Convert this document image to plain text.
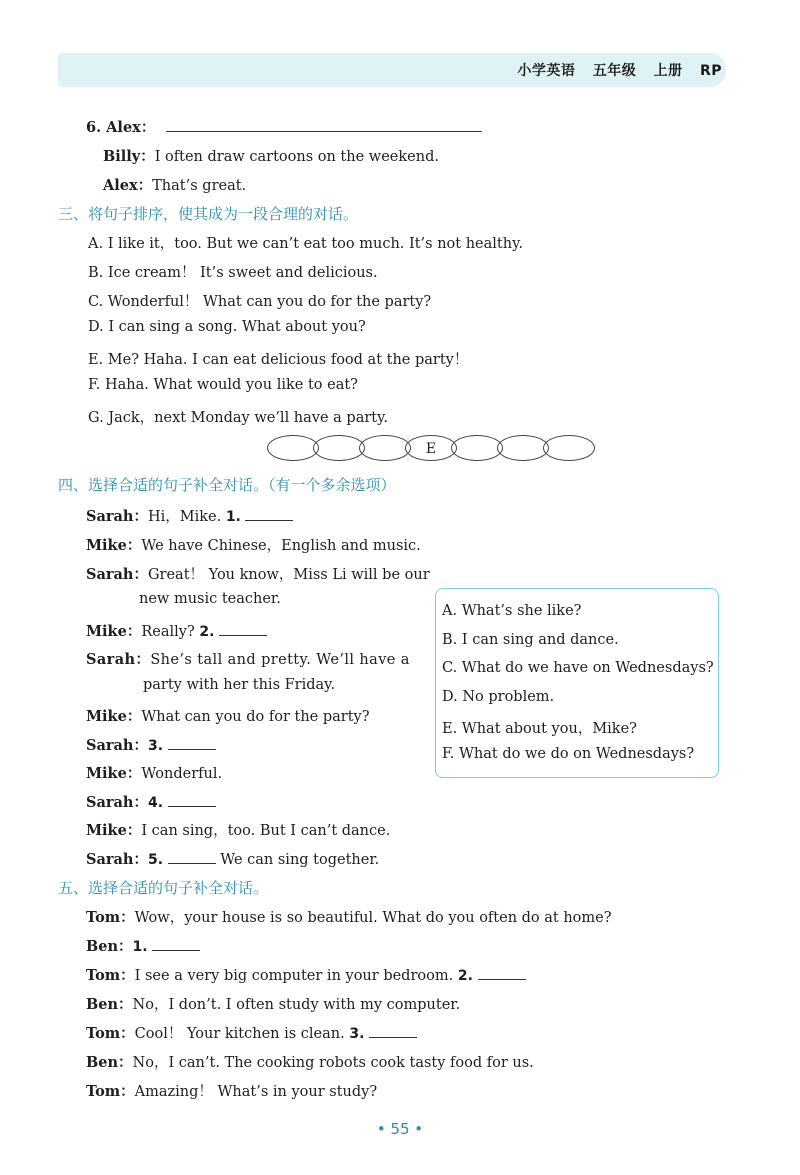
小学英语 五年级 上册 RP
6. Alex：
Billy：I often draw cartoons on the weekend.
Alex：That’s great.
三、将句子排序，使其成为一段合理的对话。
A. I like it，too. But we can’t eat too much. It’s not healthy.
B. Ice cream！ It’s sweet and delicious.
C. Wonderful！ What can you do for the party?
D. I can sing a song. What about you?
E. Me? Haha. I can eat delicious food at the party！
F. Haha. What would you like to eat?
G. Jack，next Monday we’ll have a party.
E
四、选择合适的句子补全对话。（有一个多余选项）
Sarah：Hi，Mike. 1.
Mike：We have Chinese，English and music.
Sarah：Great！ You know，Miss Li will be our
new music teacher.
Mike：Really? 2.
Sarah：She’s tall and pretty. We’ll have a
party with her this Friday.
Mike：What can you do for the party?
Sarah：3.
Mike：Wonderful.
Sarah：4.
Mike：I can sing，too. But I can’t dance.
Sarah：5.	We can sing together.
A. What’s she like?
B. I can sing and dance.
C. What do we have on Wednesdays?
D. No problem.
E. What about you，Mike?
F. What do we do on Wednesdays?
五、选择合适的句子补全对话。
Tom：Wow，your house is so beautiful. What do you often do at home?
Ben：1.
Tom：I see a very big computer in your bedroom. 2.
Ben：No，I don’t. I often study with my computer.
Tom：Cool！ Your kitchen is clean. 3.
Ben：No，I can’t. The cooking robots cook tasty food for us.
Tom：Amazing！ What’s in your study?
• 55 •
